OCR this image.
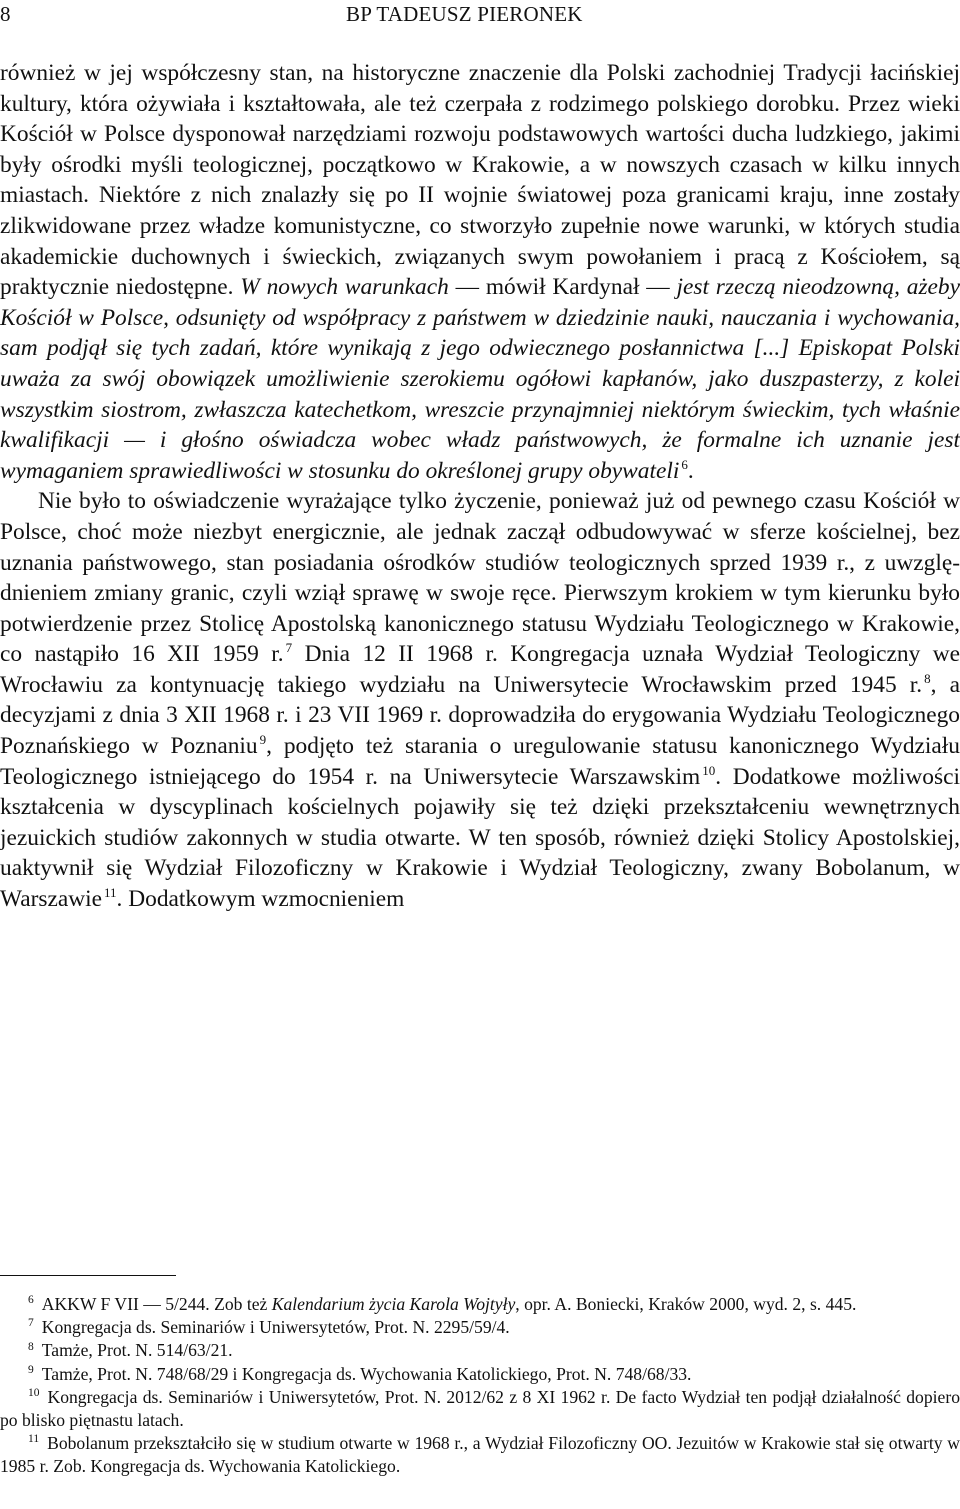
8	BP TADEUSZ PIERONEK

również w jej współczesny stan, na historyczne znaczenie dla Polski zachodniej Tradycji łacińskiej kultury, która ożywiała i kształtowała, ale też czerpała z rodzimego polskiego dorobku. Przez wieki Kościół w Polsce dysponował narzędziami rozwoju podstawowych wartości ducha ludzkiego, jakimi były ośrodki myśli teologicznej, początkowo w Krakowie, a w nowszych czasach w kilku innych miastach. Niektóre z nich znalazły się po II wojnie światowej poza granicami kraju, inne zostały zlikwidowane przez władze komunistyczne, co stworzyło zupełnie nowe warunki, w których studia akademickie duchownych i świeckich, związanych swym powołaniem i pracą z Kościołem, są praktycznie niedostępne. W nowych warunkach — mówił Kardynał — jest rzeczą nieodzowną, ażeby Kościół w Polsce, odsunięty od współpracy z państwem w dziedzinie nauki, nauczania i wychowania, sam podjął się tych zadań, które wynikają z jego odwiecznego posłannictwa [...] Episkopat Polski uważa za swój obowiązek umożliwienie szerokiemu ogółowi kapłanów, jako duszpasterzy, z kolei wszystkim siostrom, zwłaszcza katechetkom, wreszcie przynajmniej niektórym świeckim, tych właśnie kwalifikacji — i głośno oświadcza wobec władz państwowych, że formalne ich uznanie jest wymaganiem sprawiedliwości w stosunku do określonej grupy obywateli $^6$.

Nie było to oświadczenie wyrażające tylko życzenie, ponieważ już od pewnego czasu Kościół w Polsce, choć może niezbyt energicznie, ale jednak zaczął odbudowywać w sferze kościelnej, bez uznania państwowego, stan posiadania ośrodków studiów teologicznych sprzed 1939 r., z uwzględnieniem zmiany granic, czyli wziął sprawę w swoje ręce. Pierwszym krokiem w tym kierunku było potwierdzenie przez Stolicę Apostolską kanonicznego statusu Wydziału Teologicznego w Krakowie, co nastąpiło 16 XII 1959 r. $^7$ Dnia 12 II 1968 r. Kongregacja uznała Wydział Teologiczny we Wrocławiu za kontynuację takiego wydziału na Uniwersytecie Wrocławskim przed 1945 r. $^8$, a decyzjami z dnia 3 XII 1968 r. i 23 VII 1969 r. doprowadziła do erygowania Wydziału Teologicznego Poznańskiego w Poznaniu $^9$, podjęto też starania o uregulowanie statusu kanonicznego Wydziału Teologicznego istniejącego do 1954 r. na Uniwersytecie Warszawskim $^{10}$. Dodatkowe możliwości kształcenia w dyscyplinach kościelnych pojawiły się też dzięki przekształceniu wewnętrznych jezuickich studiów zakonnych w studia otwarte. W ten sposób, również dzięki Stolicy Apostolskiej, uaktywnił się Wydział Filozoficzny w Krakowie i Wydział Teologiczny, zwany Bobolanum, w Warszawie $^{11}$. Dodatkowym wzmocnieniem

$^6$ AKKW F VII — 5/244. Zob też Kalendarium życia Karola Wojtyły, opr. A. Boniecki, Kraków 2000, wyd. 2, s. 445.

$^7$ Kongregacja ds. Seminariów i Uniwersytetów, Prot. N. 2295/59/4.

$^8$ Tamże, Prot. N. 514/63/21.

$^9$ Tamże, Prot. N. 748/68/29 i Kongregacja ds. Wychowania Katolickiego, Prot. N. 748/68/33.

$^{10}$ Kongregacja ds. Seminariów i Uniwersytetów, Prot. N. 2012/62 z 8 XI 1962 r. De facto Wydział ten podjął działalność dopiero po blisko piętnastu latach.

$^{11}$ Bobolanum przekształciło się w studium otwarte w 1968 r., a Wydział Filozoficzny OO. Jezuitów w Krakowie stał się otwarty w 1985 r. Zob. Kongregacja ds. Wychowania Katolickiego.
